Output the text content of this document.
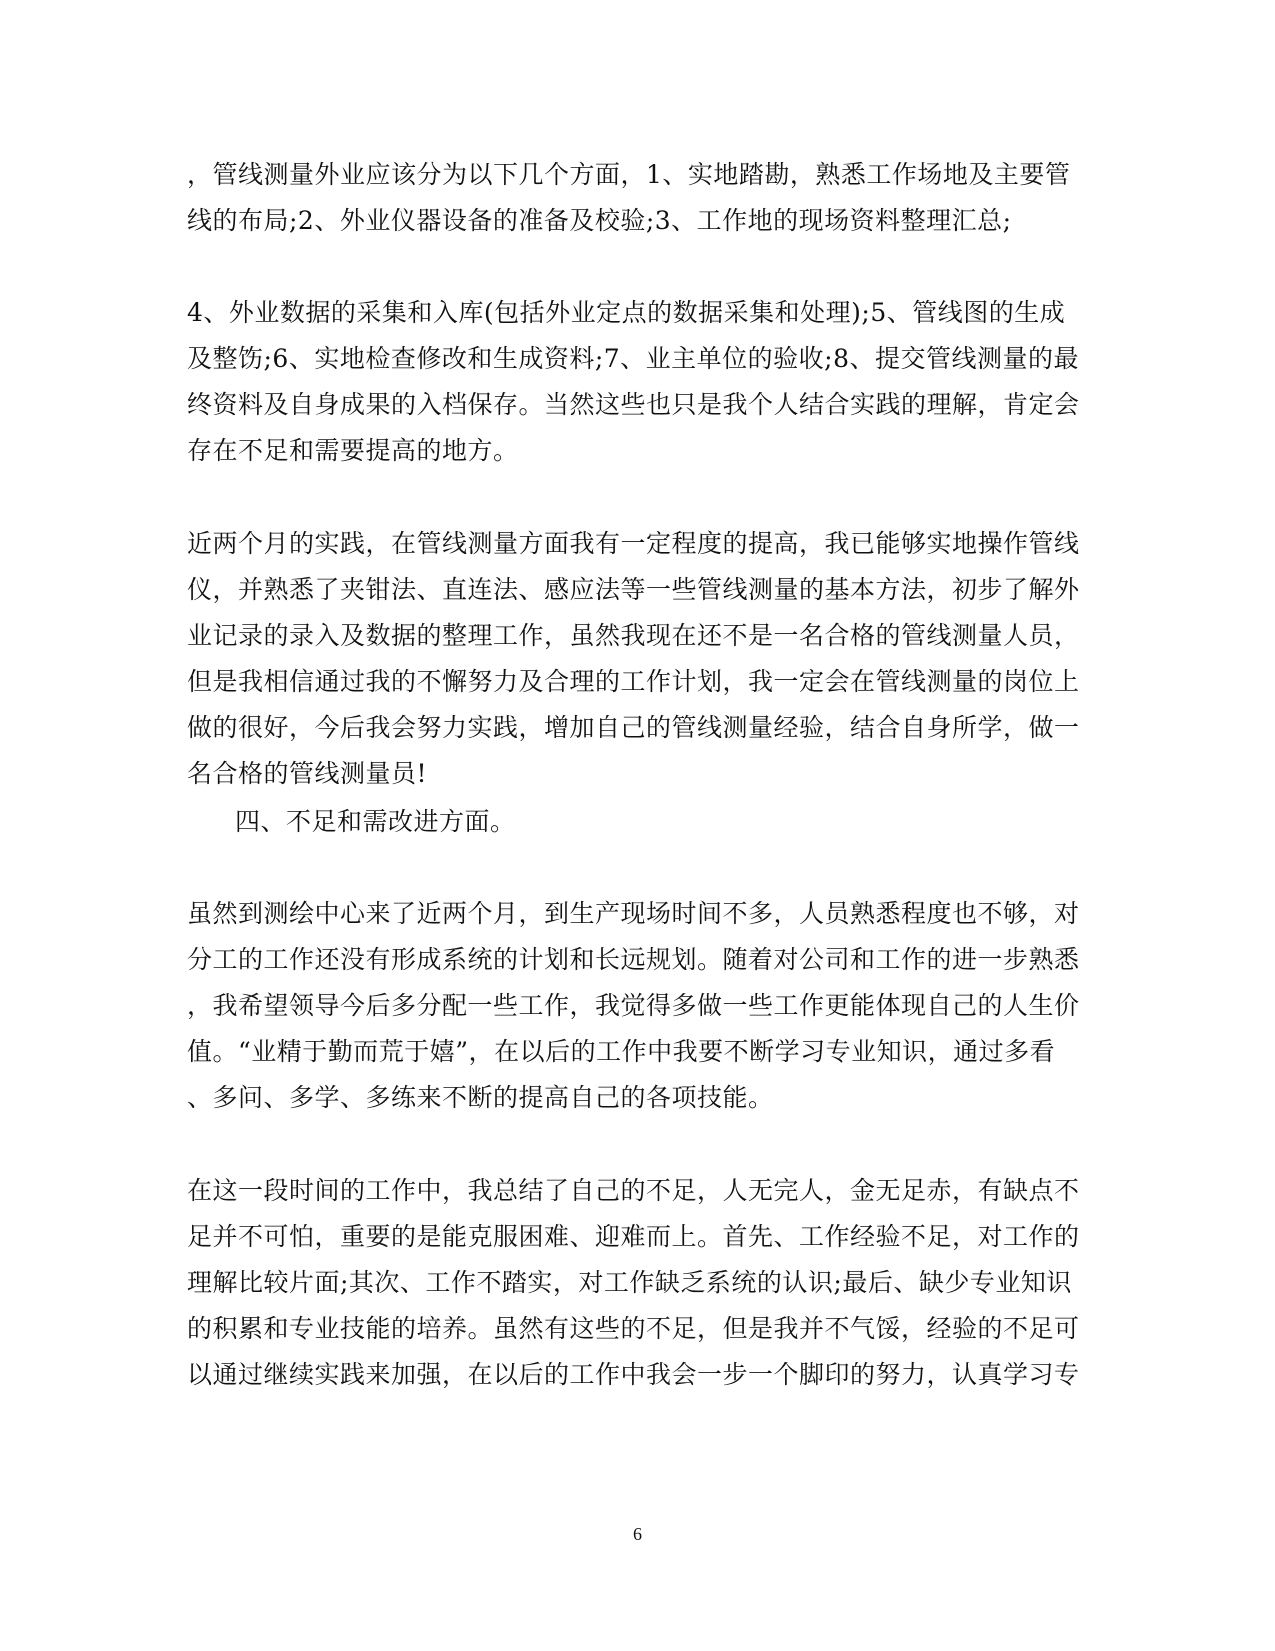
，管线测量外业应该分为以下几个方面，1、实地踏勘，熟悉工作场地及主要管
线的布局;2、外业仪器设备的准备及校验;3、工作地的现场资料整理汇总;
4、外业数据的采集和入库(包括外业定点的数据采集和处理);5、管线图的生成
及整饬;6、实地检查修改和生成资料;7、业主单位的验收;8、提交管线测量的最
终资料及自身成果的入档保存。当然这些也只是我个人结合实践的理解，肯定会
存在不足和需要提高的地方。
近两个月的实践，在管线测量方面我有一定程度的提高，我已能够实地操作管线
仪，并熟悉了夹钳法、直连法、感应法等一些管线测量的基本方法，初步了解外
业记录的录入及数据的整理工作，虽然我现在还不是一名合格的管线测量人员，
但是我相信通过我的不懈努力及合理的工作计划，我一定会在管线测量的岗位上
做的很好，今后我会努力实践，增加自己的管线测量经验，结合自身所学，做一
名合格的管线测量员!
四、不足和需改进方面。
虽然到测绘中心来了近两个月，到生产现场时间不多，人员熟悉程度也不够，对
分工的工作还没有形成系统的计划和长远规划。随着对公司和工作的进一步熟悉
，我希望领导今后多分配一些工作，我觉得多做一些工作更能体现自己的人生价
值。“业精于勤而荒于嬉”，在以后的工作中我要不断学习专业知识，通过多看
、多问、多学、多练来不断的提高自己的各项技能。
在这一段时间的工作中，我总结了自己的不足，人无完人，金无足赤，有缺点不
足并不可怕，重要的是能克服困难、迎难而上。首先、工作经验不足，对工作的
理解比较片面;其次、工作不踏实，对工作缺乏系统的认识;最后、缺少专业知识
的积累和专业技能的培养。虽然有这些的不足，但是我并不气馁，经验的不足可
以通过继续实践来加强，在以后的工作中我会一步一个脚印的努力，认真学习专
6
